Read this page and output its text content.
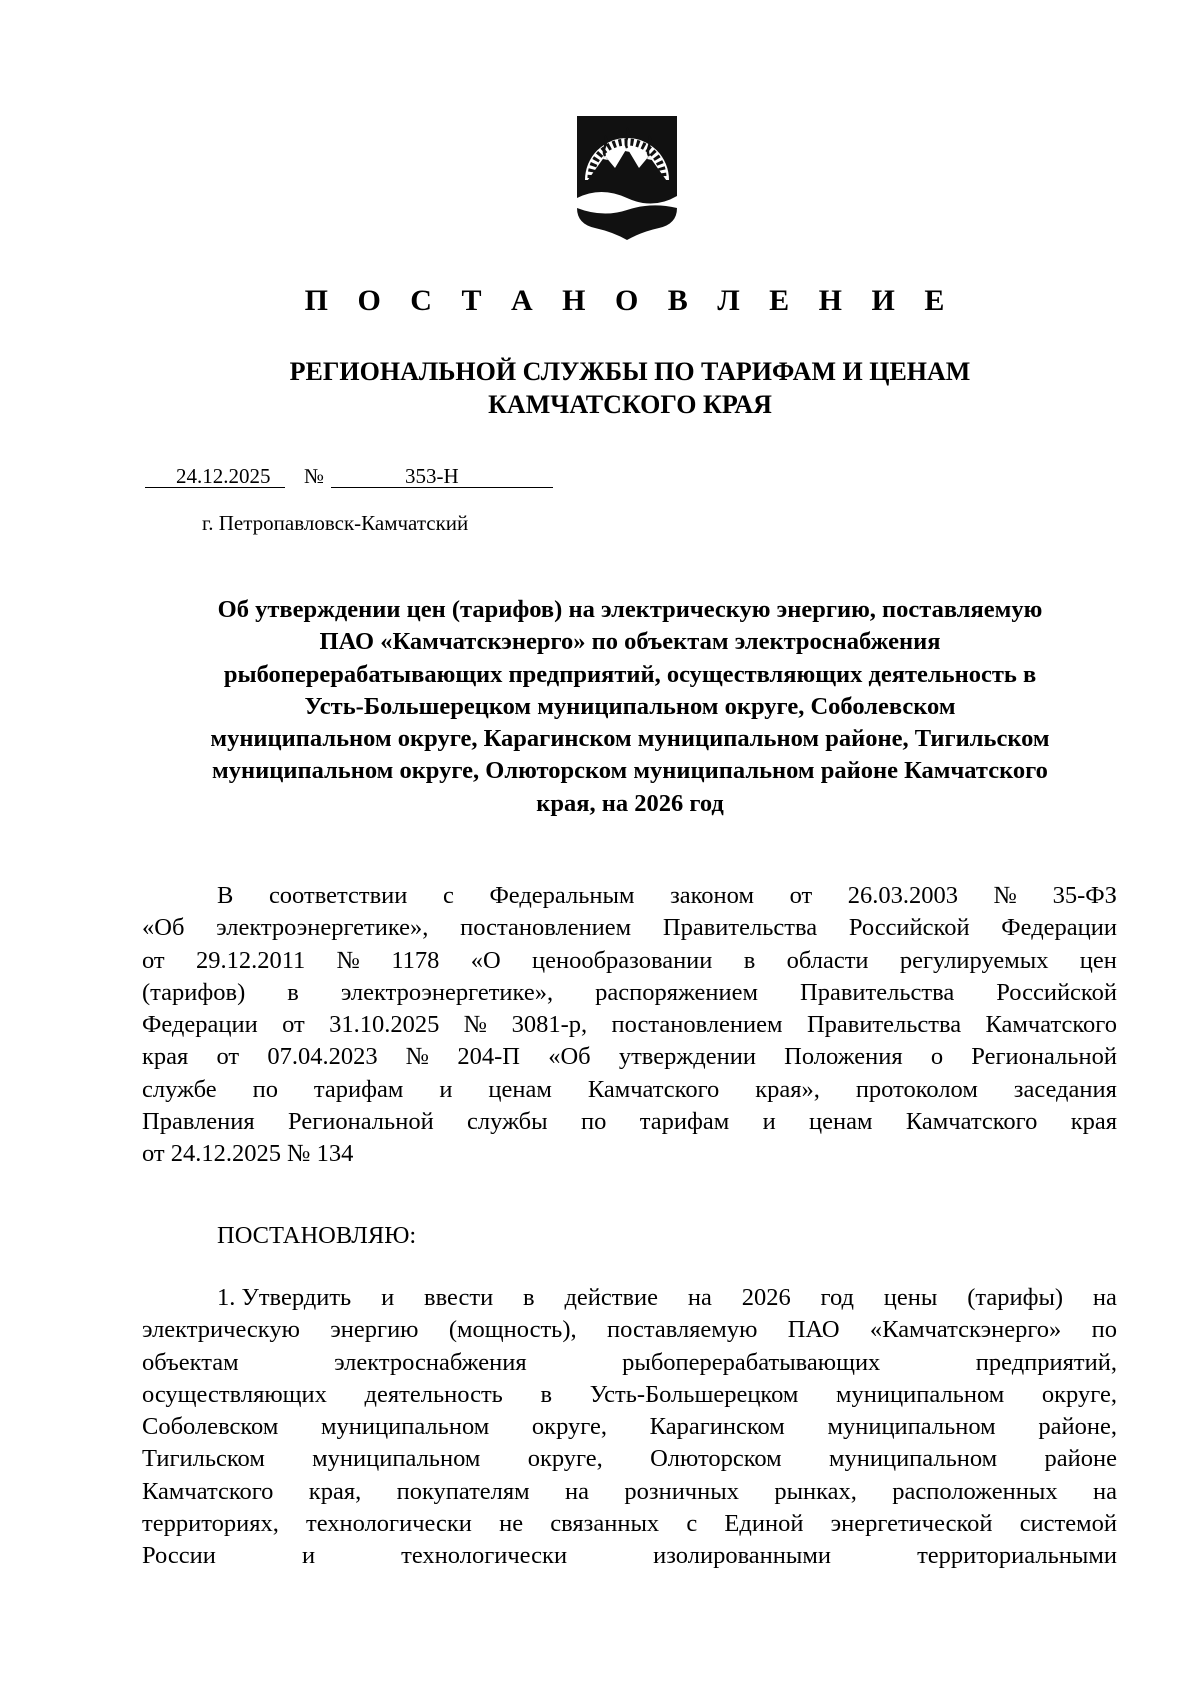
П О С Т А Н О В Л Е Н И Е
РЕГИОНАЛЬНОЙ СЛУЖБЫ ПО ТАРИФАМ И ЦЕНАМ
КАМЧАТСКОГО КРАЯ
24.12.2025 №	353-Н
г. Петропавловск-Камчатский
Об утверждении цен (тарифов) на электрическую энергию, поставляемую
ПАО «Камчатскэнерго» по объектам электроснабжения
рыбоперерабатывающих предприятий, осуществляющих деятельность в
Усть-Большерецком муниципальном округе, Соболевском
муниципальном округе, Карагинском муниципальном районе, Тигильском
муниципальном округе, Олюторском муниципальном районе Камчатского
края, на 2026 год
В соответствии с Федеральным законом от 26.03.2003 № 35-ФЗ
«Об электроэнергетике», постановлением Правительства Российской Федерации
от 29.12.2011 № 1178 «О ценообразовании в области регулируемых цен
(тарифов) в электроэнергетике», распоряжением Правительства Российской
Федерации от 31.10.2025 № 3081-р, постановлением Правительства Камчатского
края от 07.04.2023 № 204-П «Об утверждении Положения о Региональной
службе по тарифам и ценам Камчатского края», протоколом заседания
Правления Региональной службы по тарифам и ценам Камчатского края
от 24.12.2025 № 134
ПОСТАНОВЛЯЮ:
1. Утвердить и ввести в действие на 2026 год цены (тарифы) на
электрическую энергию (мощность), поставляемую ПАО «Камчатскэнерго» по
объектам	электроснабжения	рыбоперерабатывающих	предприятий,
осуществляющих деятельность в Усть-Большерецком муниципальном округе,
Соболевском муниципальном округе, Карагинском муниципальном районе,
Тигильском муниципальном округе, Олюторском муниципальном районе
Камчатского края, покупателям на розничных рынках, расположенных на
территориях, технологически не связанных с Единой энергетической системой
России	и	технологически	изолированными	территориальными
